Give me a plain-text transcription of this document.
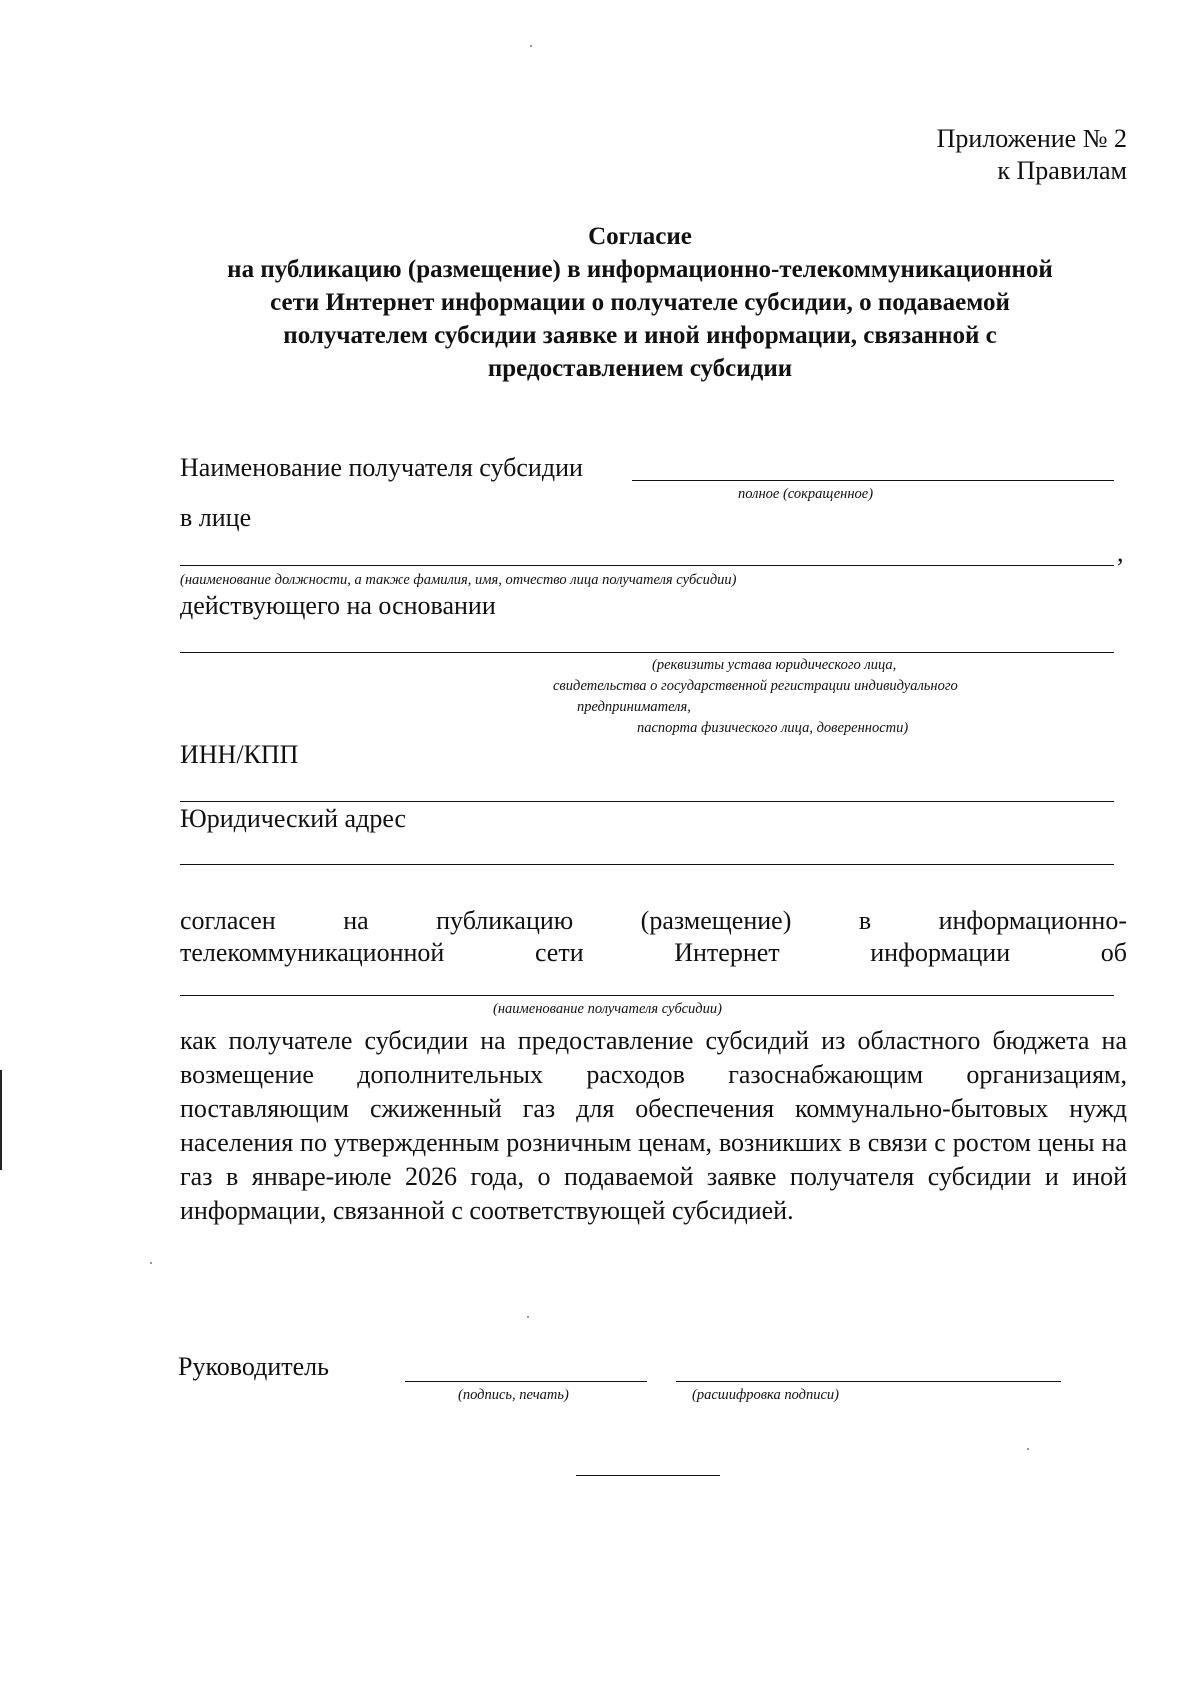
Приложение № 2
к Правилам
Согласие
на публикацию (размещение) в информационно-телекоммуникационной
сети Интернет информации о получателе субсидии, о подаваемой
получателем субсидии заявке и иной информации, связанной с
предоставлением субсидии
Наименование получателя субсидии
полное (сокращенное)
в лице
,
(наименование должности, а также фамилия, имя, отчество лица получателя субсидии)
действующего на основании
(реквизиты устава юридического лица,
свидетельства о государственной регистрации индивидуального
предпринимателя,
паспорта физического лица, доверенности)
ИНН/КПП
Юридический адрес
согласен	на	публикацию	(размещение)	в	информационно-
телекоммуникационной	сети	Интернет	информации	об
(наименование получателя субсидии)
как получателе субсидии на предоставление субсидий из областного бюджета на возмещение дополнительных расходов газоснабжающим организациям, поставляющим сжиженный газ для обеспечения коммунально-бытовых нужд населения по утвержденным розничным ценам, возникших в связи с ростом цены на газ в январе-июле 2026 года, о подаваемой заявке получателя субсидии и иной информации, связанной с соответствующей субсидией.
Руководитель
(подпись, печать)	(расшифровка подписи)
